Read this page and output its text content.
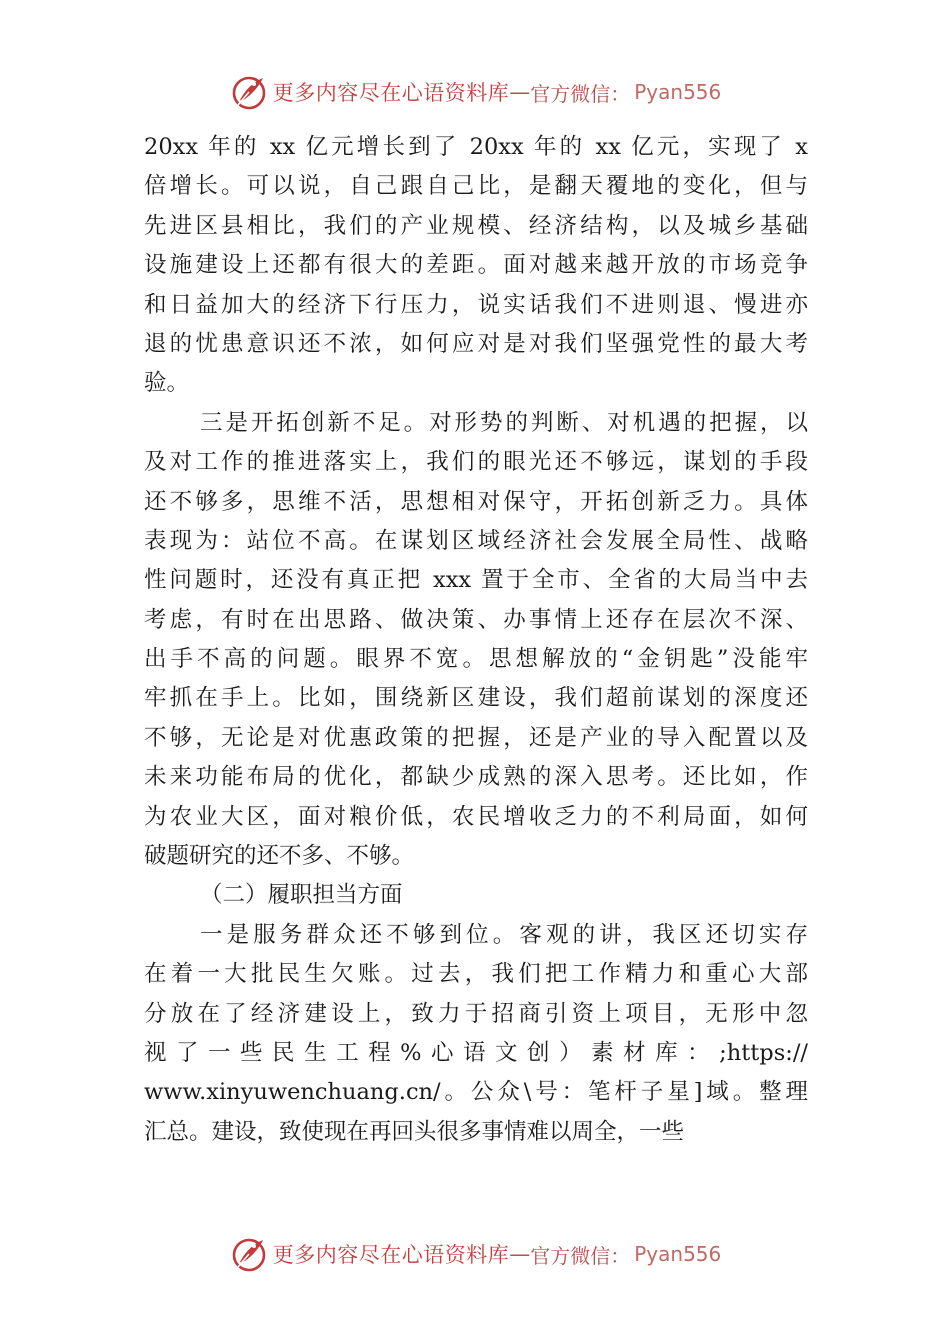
更多内容尽在心语资料库 — 官方微信： Pyan556
20xx 年的 xx 亿元增长到了 20xx 年的 xx 亿元，实现了 x
倍增长。可以说，自己跟自己比，是翻天覆地的变化，但与
先进区县相比，我们的产业规模、经济结构，以及城乡基础
设施建设上还都有很大的差距。面对越来越开放的市场竞争
和日益加大的经济下行压力，说实话我们不进则退、慢进亦
退的忧患意识还不浓，如何应对是对我们坚强党性的最大考
验。
三是开拓创新不足。对形势的判断、对机遇的把握，以
及对工作的推进落实上，我们的眼光还不够远，谋划的手段
还不够多，思维不活，思想相对保守，开拓创新乏力。具体
表现为：站位不高。在谋划区域经济社会发展全局性、战略
性问题时，还没有真正把 xxx 置于全市、全省的大局当中去
考虑，有时在出思路、做决策、办事情上还存在层次不深、
出手不高的问题。眼界不宽。思想解放的“金钥匙”没能牢
牢抓在手上。比如，围绕新区建设，我们超前谋划的深度还
不够，无论是对优惠政策的把握，还是产业的导入配置以及
未来功能布局的优化，都缺少成熟的深入思考。还比如，作
为农业大区，面对粮价低，农民增收乏力的不利局面，如何
破题研究的还不多、不够。
（二）履职担当方面
一是服务群众还不够到位。客观的讲，我区还切实存
在着一大批民生欠账。过去，我们把工作精力和重心大部
分放在了经济建设上，致力于招商引资上项目，无形中忽
视了一些民生工程%心语文创）素材库：;https://
www.xinyuwenchuang.cn/。公众\号：笔杆子星]域。整理
汇总。建设，致使现在再回头很多事情难以周全，一些
更多内容尽在心语资料库 — 官方微信： Pyan556
